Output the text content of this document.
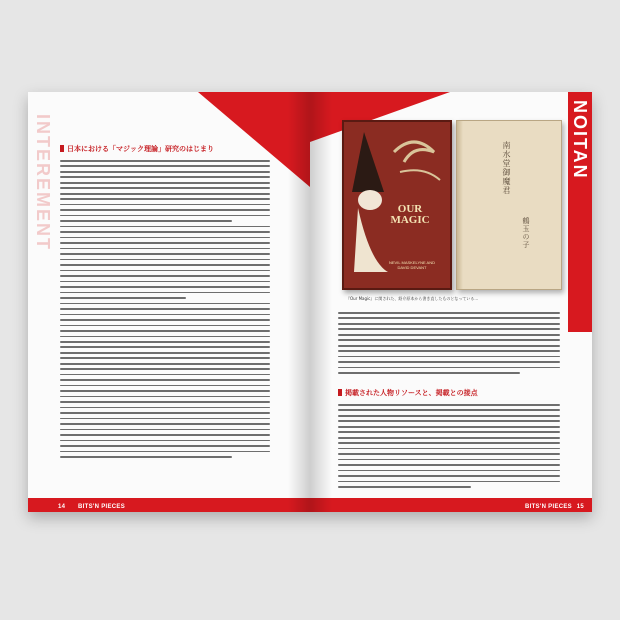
INTEREMENT	日本における「マジック理論」研究のはじまり
14 BITS'N PIECES
NOITAN
OUR MAGIC
NEVIL MASKELYNE AND DAVID DEVANT
南水堂御魔君
鶴玉の子
『Our Magic』に関された、紹介原本から書き直したものとなっている...
掲載された人物リソースと、掲載との接点
BITS'N PIECES 15
